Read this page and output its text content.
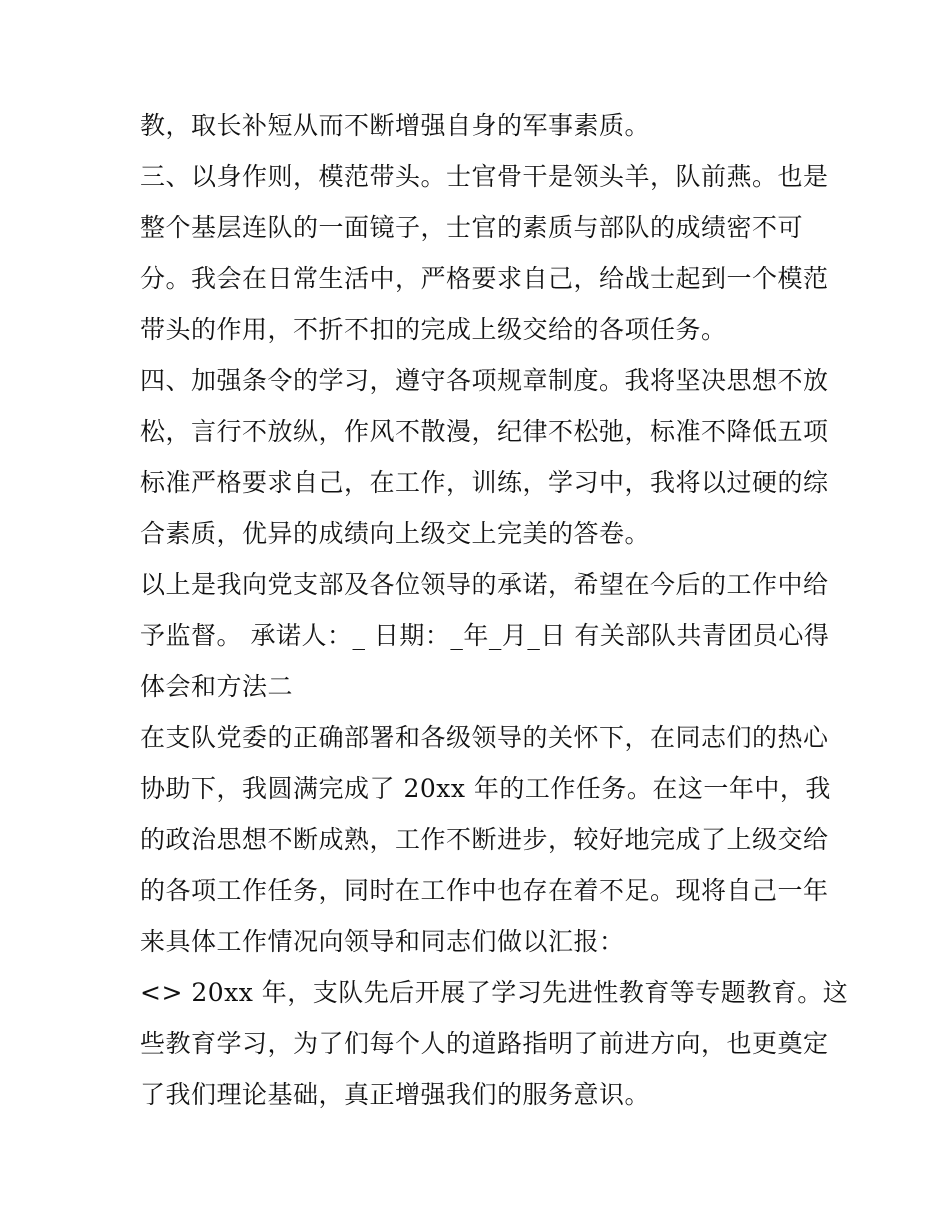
教，取长补短从而不断增强自身的军事素质。
三、以身作则，模范带头。士官骨干是领头羊，队前燕。也是
整个基层连队的一面镜子，士官的素质与部队的成绩密不可
分。我会在日常生活中，严格要求自己，给战士起到一个模范
带头的作用，不折不扣的完成上级交给的各项任务。
四、加强条令的学习，遵守各项规章制度。我将坚决思想不放
松，言行不放纵，作风不散漫，纪律不松弛，标准不降低五项
标准严格要求自己，在工作，训练，学习中，我将以过硬的综
合素质，优异的成绩向上级交上完美的答卷。
以上是我向党支部及各位领导的承诺，希望在今后的工作中给
予监督。 承诺人：_ 日期：_年_月_日 有关部队共青团员心得
体会和方法二
在支队党委的正确部署和各级领导的关怀下，在同志们的热心
协助下，我圆满完成了 20xx 年的工作任务。在这一年中，我
的政治思想不断成熟，工作不断进步，较好地完成了上级交给
的各项工作任务，同时在工作中也存在着不足。现将自己一年
来具体工作情况向领导和同志们做以汇报：
<> 20xx 年，支队先后开展了学习先进性教育等专题教育。这
些教育学习，为了们每个人的道路指明了前进方向，也更奠定
了我们理论基础，真正增强我们的服务意识。
